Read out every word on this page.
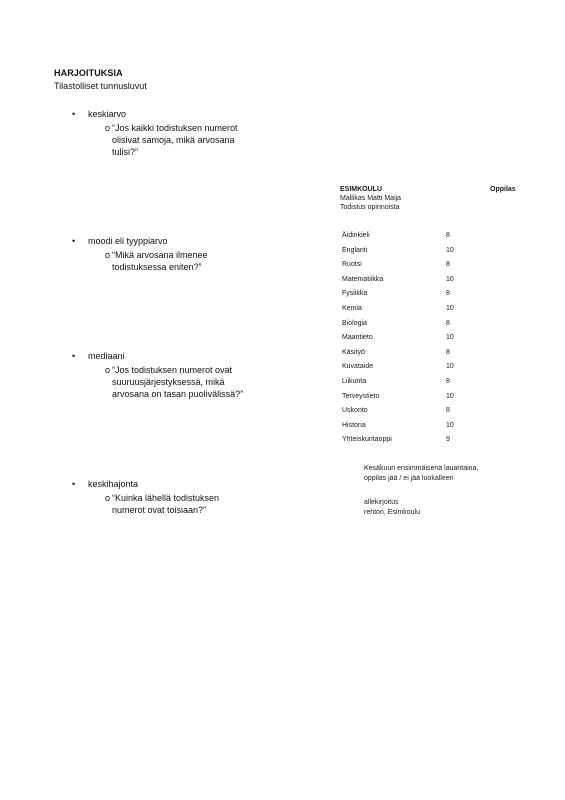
HARJOITUKSIA
Tilastolliset tunnusluvut
• keskiarvo
o “Jos kaikki todistuksen numerot
olisivat samoja, mikä arvosana
tulisi?”
• moodi eli tyyppiarvo
o “Mikä arvosana ilmenee
todistuksessa eniten?”
• mediaani
o “Jos todistuksen numerot ovat
suuruusjärjestyksessä, mikä
arvosana on tasan puolivälissä?”
• keskihajonta
o “Kuinka lähellä todistuksen
numerot ovat toisiaan?”
ESIMKOULU	Oppilas
Mallikas Matti Maija
Todistus opinnoista
Äidinkieli	8
Englanti	10
Ruotsi	8
Matematiikka	10
Fysiikka	8
Kemia	10
Biologia	8
Maantieto	10
Käsityö	8
Kuvataide	10
Liikunta	8
Terveystieto	10
Uskonto	8
Historia	10
Yhteiskuntaoppi	9
Kesäkuun ensimmäisenä lauantaina,
oppilas jää / ei jää luokalleen
allekirjoitus
rehtori, Esimkoulu
